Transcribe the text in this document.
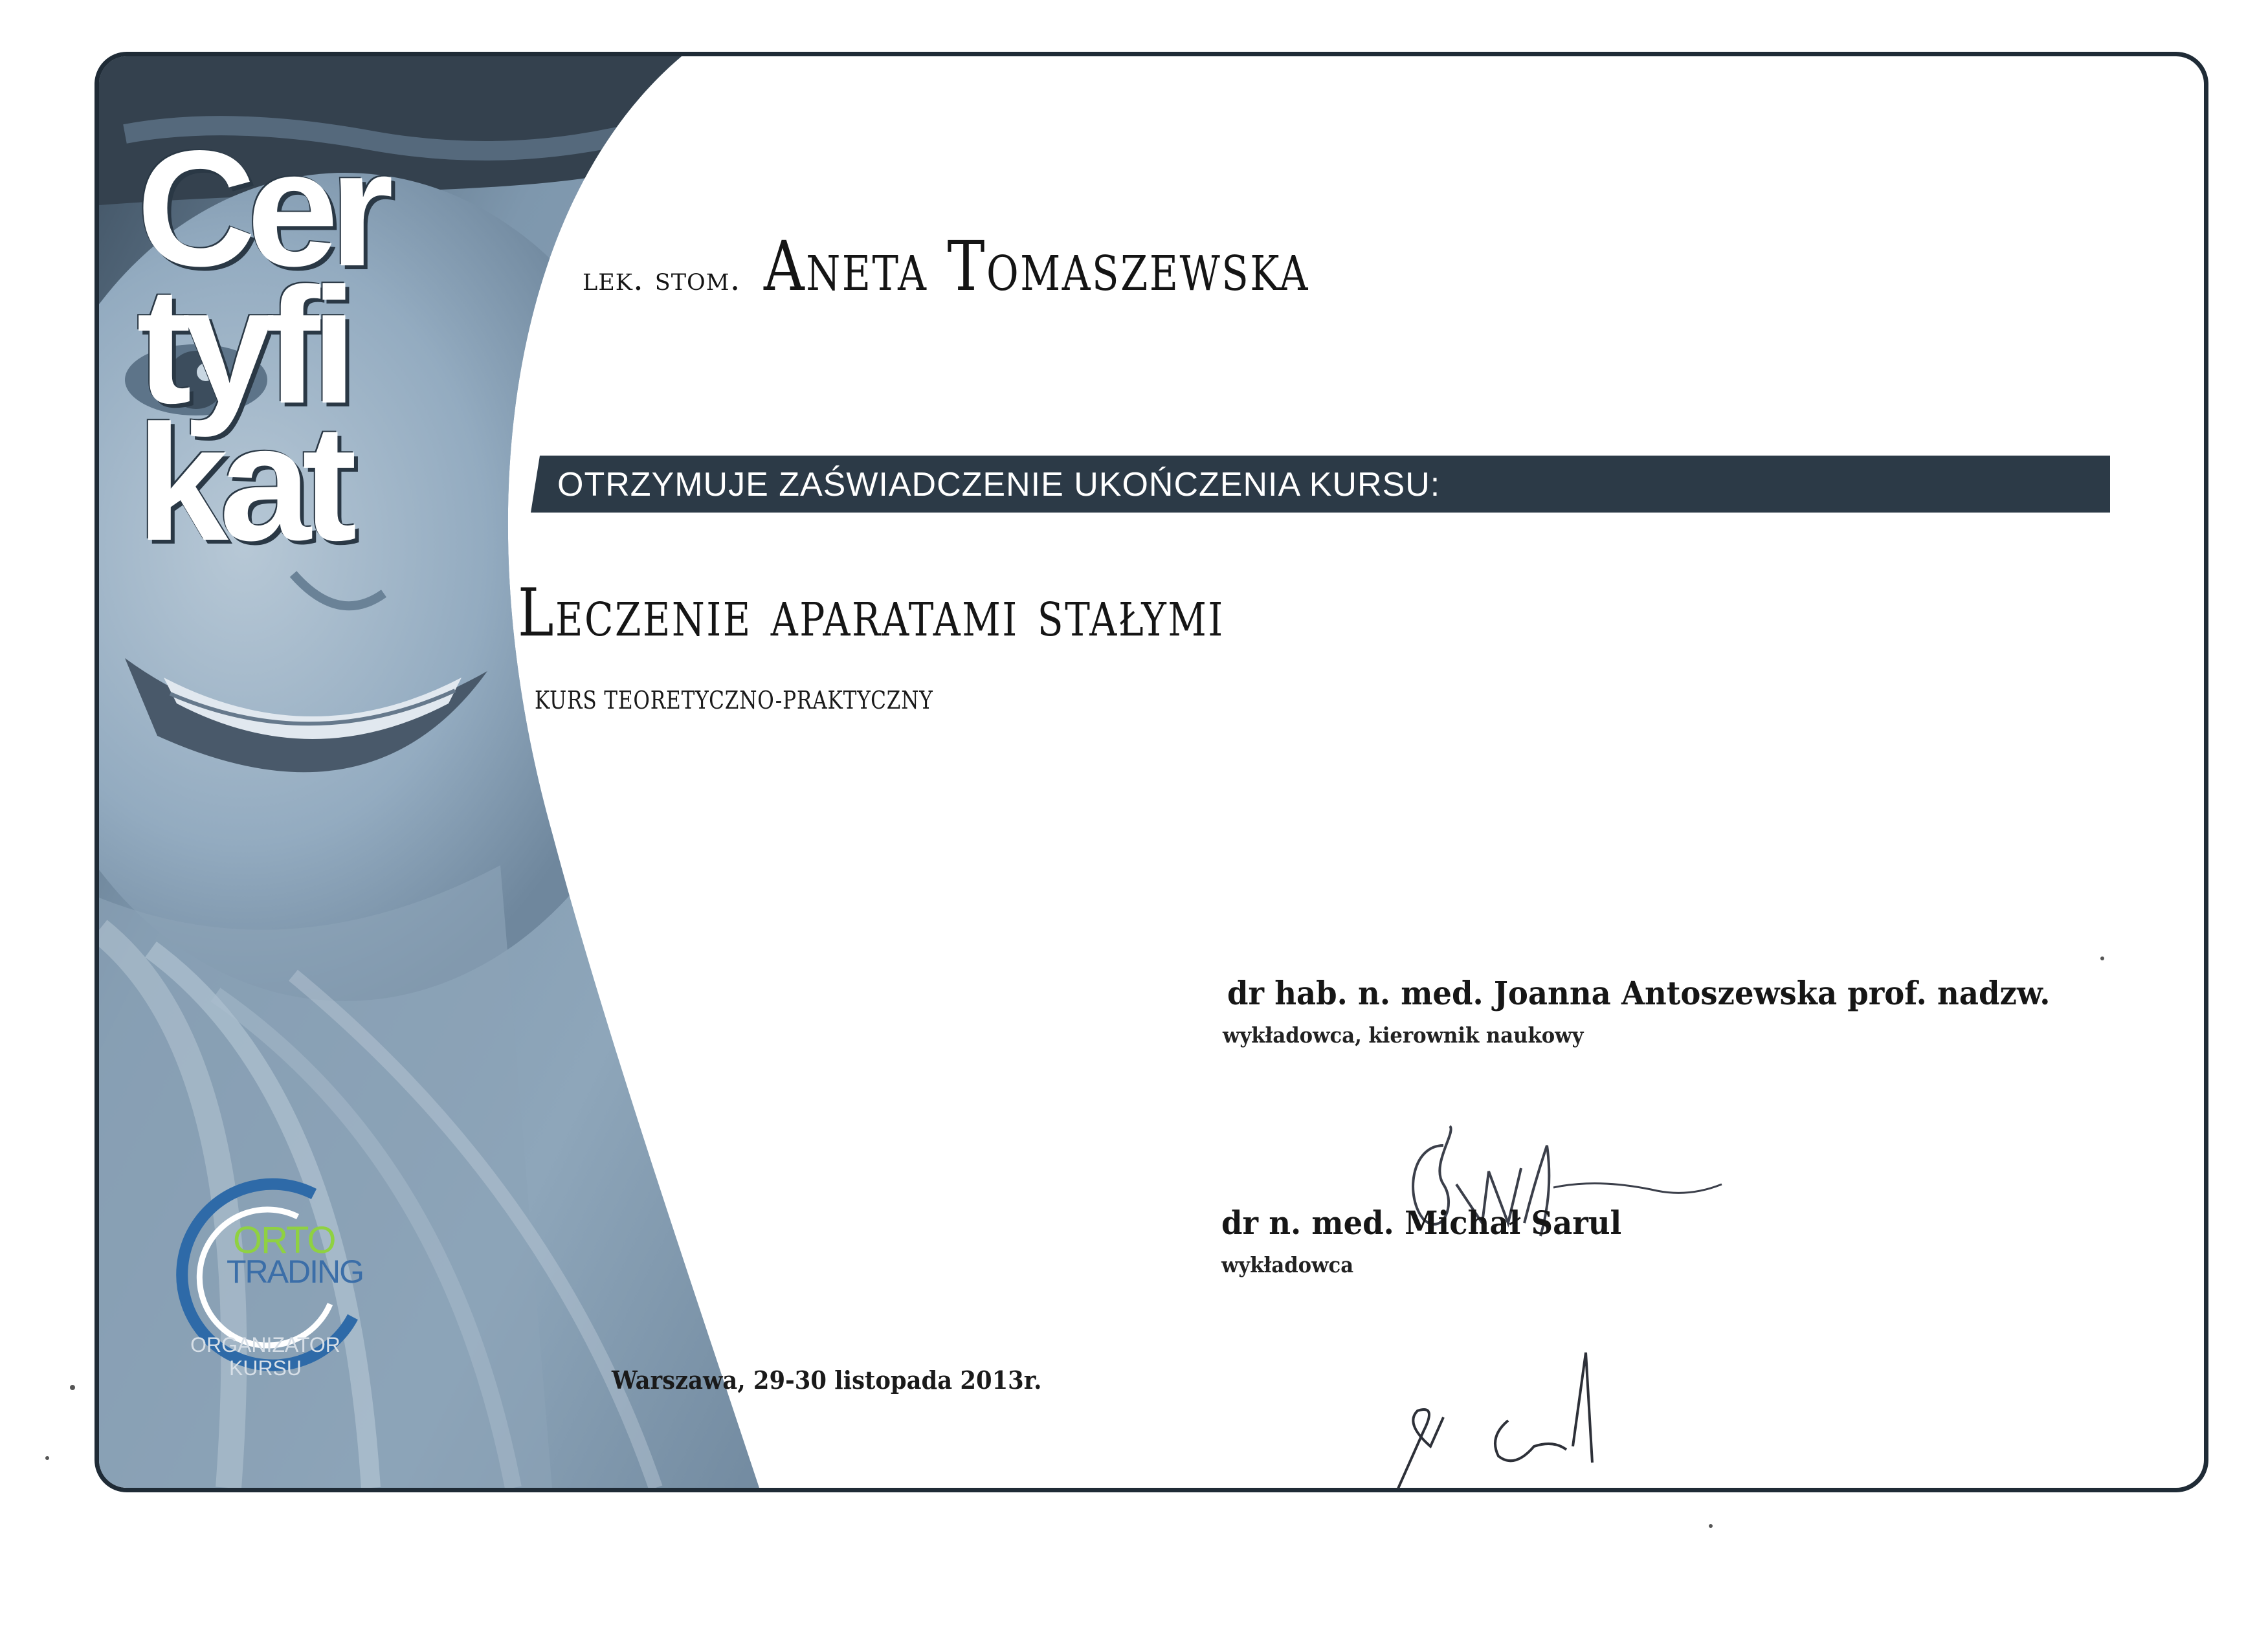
Cer
tyfi
kat
ORTO
TRADING
ORGANIZATOR
KURSU
lek. stom. Aneta Tomaszewska
OTRZYMUJE ZAŚWIADCZENIE UKOŃCZENIA KURSU:
Leczenie aparatami stałymi
KURS TEORETYCZNO-PRAKTYCZNY
dr hab. n. med. Joanna Antoszewska prof. nadzw.
wykładowca, kierownik naukowy
dr n. med. Michał Sarul
wykładowca
Warszawa, 29-30 listopada 2013r.
